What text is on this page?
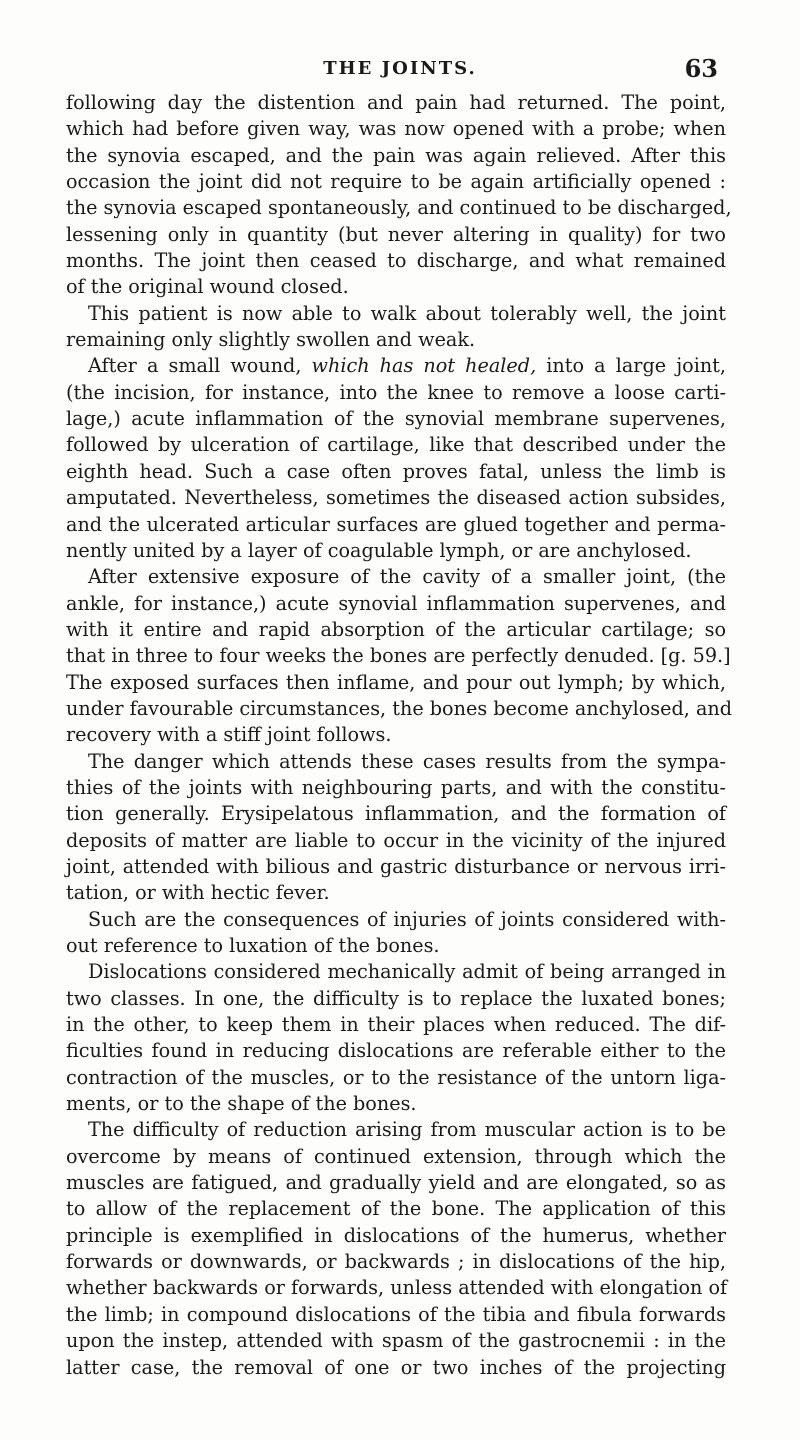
THE JOINTS.	63
following day the distention and pain had returned. The point,
which had before given way, was now opened with a probe; when
the synovia escaped, and the pain was again relieved. After this
occasion the joint did not require to be again artificially opened :
the synovia escaped spontaneously, and continued to be discharged,
lessening only in quantity (but never altering in quality) for two
months. The joint then ceased to discharge, and what remained
of the original wound closed.
This patient is now able to walk about tolerably well, the joint
remaining only slightly swollen and weak.
After a small wound, which has not healed, into a large joint,
(the incision, for instance, into the knee to remove a loose carti-
lage,) acute inflammation of the synovial membrane supervenes,
followed by ulceration of cartilage, like that described under the
eighth head. Such a case often proves fatal, unless the limb is
amputated. Nevertheless, sometimes the diseased action subsides,
and the ulcerated articular surfaces are glued together and perma-
nently united by a layer of coagulable lymph, or are anchylosed.
After extensive exposure of the cavity of a smaller joint, (the
ankle, for instance,) acute synovial inflammation supervenes, and
with it entire and rapid absorption of the articular cartilage; so
that in three to four weeks the bones are perfectly denuded. [g. 59.]
The exposed surfaces then inflame, and pour out lymph; by which,
under favourable circumstances, the bones become anchylosed, and
recovery with a stiff joint follows.
The danger which attends these cases results from the sympa-
thies of the joints with neighbouring parts, and with the constitu-
tion generally. Erysipelatous inflammation, and the formation of
deposits of matter are liable to occur in the vicinity of the injured
joint, attended with bilious and gastric disturbance or nervous irri-
tation, or with hectic fever.
Such are the consequences of injuries of joints considered with-
out reference to luxation of the bones.
Dislocations considered mechanically admit of being arranged in
two classes. In one, the difficulty is to replace the luxated bones;
in the other, to keep them in their places when reduced. The dif-
ficulties found in reducing dislocations are referable either to the
contraction of the muscles, or to the resistance of the untorn liga-
ments, or to the shape of the bones.
The difficulty of reduction arising from muscular action is to be
overcome by means of continued extension, through which the
muscles are fatigued, and gradually yield and are elongated, so as
to allow of the replacement of the bone. The application of this
principle is exemplified in dislocations of the humerus, whether
forwards or downwards, or backwards ; in dislocations of the hip,
whether backwards or forwards, unless attended with elongation of
the limb; in compound dislocations of the tibia and fibula forwards
upon the instep, attended with spasm of the gastrocnemii : in the
latter case, the removal of one or two inches of the projecting
